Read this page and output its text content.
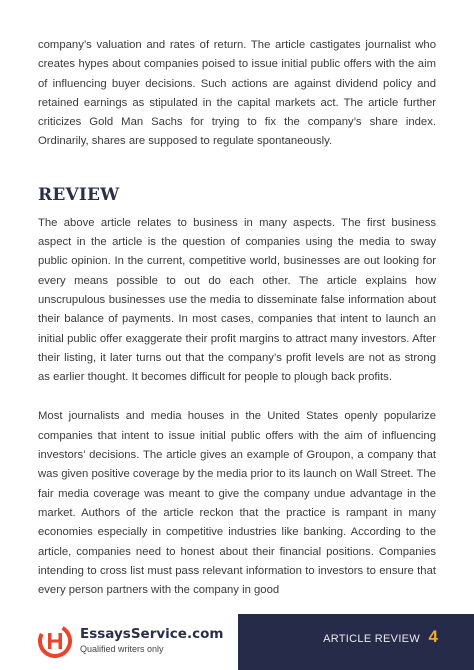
company’s valuation and rates of return. The article castigates journalist who creates hypes about companies poised to issue initial public offers with the aim of influencing buyer decisions. Such actions are against dividend policy and retained earnings as stipulated in the capital markets act. The article further criticizes Gold Man Sachs for trying to fix the company’s share index. Ordinarily, shares are supposed to regulate spontaneously.

REVIEW

The above article relates to business in many aspects. The first business aspect in the article is the question of companies using the media to sway public opinion. In the current, competitive world, businesses are out looking for every means possible to out do each other. The article explains how unscrupulous businesses use the media to disseminate false information about their balance of payments. In most cases, companies that intent to launch an initial public offer exaggerate their profit margins to attract many investors. After their listing, it later turns out that the company’s profit levels are not as strong as earlier thought. It becomes difficult for people to plough back profits.

Most journalists and media houses in the United States openly popularize companies that intent to issue initial public offers with the aim of influencing investors’ decisions. The article gives an example of Groupon, a company that was given positive coverage by the media prior to its launch on Wall Street. The fair media coverage was meant to give the company undue advantage in the market. Authors of the article reckon that the practice is rampant in many economies especially in competitive industries like banking. According to the article, companies need to honest about their financial positions. Companies intending to cross list must pass relevant information to investors to ensure that every person partners with the company in good

EssaysService.com
Qualified writers only
ARTICLE REVIEW 4
